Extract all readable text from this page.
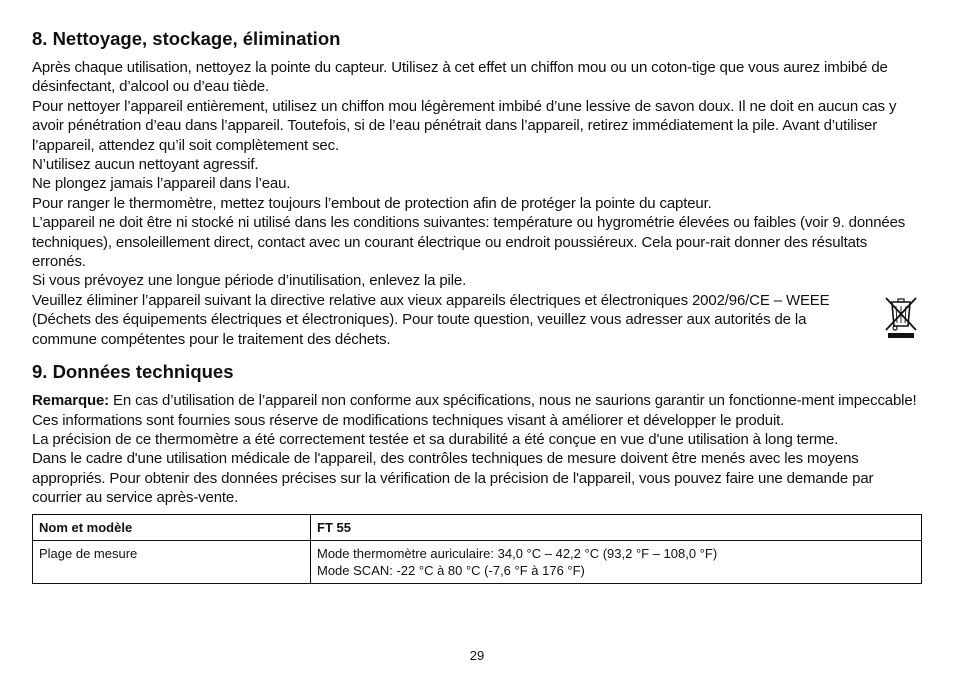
8. Nettoyage, stockage, élimination

Après chaque utilisation, nettoyez la pointe du capteur. Utilisez à cet effet un chiffon mou ou un coton-tige que vous aurez imbibé de désinfectant, d’alcool ou d’eau tiède.

Pour nettoyer l’appareil entièrement, utilisez un chiffon mou légèrement imbibé d’une lessive de savon doux. Il ne doit en aucun cas y avoir pénétration d’eau dans l’appareil. Toutefois, si de l’eau pénétrait dans l’appareil, retirez immédiatement la pile. Avant d’utiliser l’appareil, attendez qu’il soit complètement sec.

N’utilisez aucun nettoyant agressif.

Ne plongez jamais l’appareil dans l’eau.

Pour ranger le thermomètre, mettez toujours l’embout de protection afin de protéger la pointe du capteur.

L’appareil ne doit être ni stocké ni utilisé dans les conditions suivantes: température ou hygrométrie élevées ou faibles (voir 9. données techniques), ensoleillement direct, contact avec un courant électrique ou endroit poussiéreux. Cela pour-rait donner des résultats erronés.

Si vous prévoyez une longue période d’inutilisation, enlevez la pile.

Veuillez éliminer l’appareil suivant la directive relative aux vieux appareils électriques et électroniques 2002/96/CE – WEEE (Déchets des équipements électriques et électroniques). Pour toute question, veuillez vous adresser aux autorités de la commune compétentes pour le traitement des déchets.

9. Données techniques

Remarque: En cas d’utilisation de l’appareil non conforme aux spécifications, nous ne saurions garantir un fonctionne-ment impeccable!

Ces informations sont fournies sous réserve de modifications techniques visant à améliorer et développer le produit.

La précision de ce thermomètre a été correctement testée et sa durabilité a été conçue en vue d'une utilisation à long terme.

Dans le cadre d'une utilisation médicale de l'appareil, des contrôles techniques de mesure doivent être menés avec les moyens appropriés. Pour obtenir des données précises sur la vérification de la précision de l'appareil, vous pouvez faire une demande par courrier au service après-vente.

Nom et modèle	FT 55
Plage de mesure	Mode thermomètre auriculaire: 34,0 °C – 42,2 °C (93,2 °F – 108,0 °F)
Mode SCAN: -22 °C à 80 °C (-7,6 °F à 176 °F)
29
